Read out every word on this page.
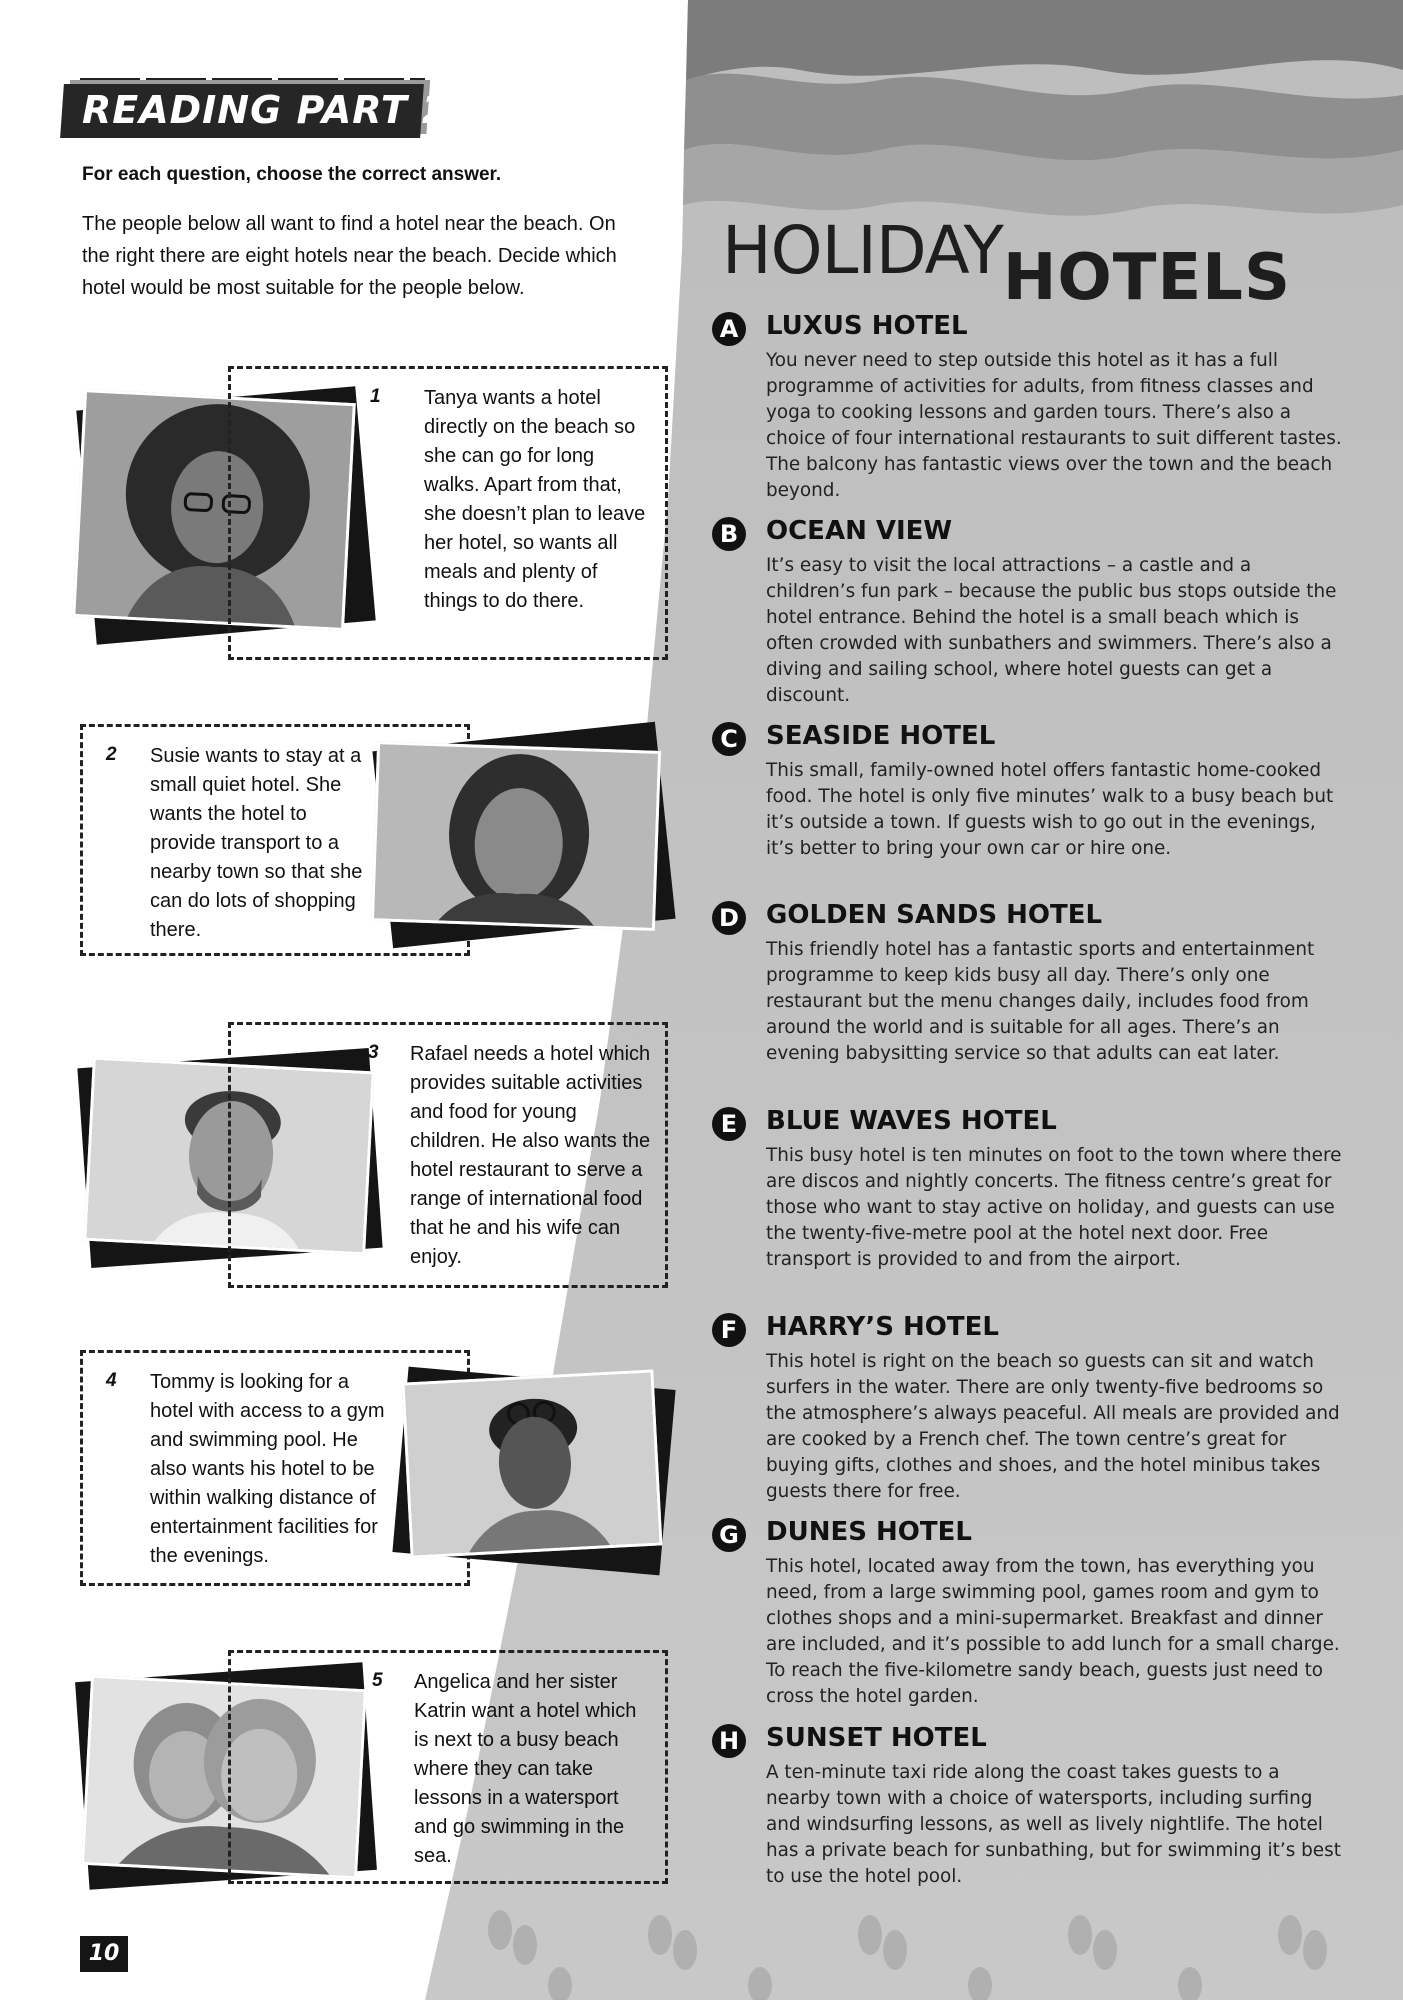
READING PART 2
For each question, choose the correct answer.
The people below all want to find a hotel near the beach. On the right there are eight hotels near the beach. Decide which hotel would be most suitable for the people below.
1 Tanya wants a hotel directly on the beach so she can go for long walks. Apart from that, she doesn’t plan to leave her hotel, so wants all meals and plenty of things to do there.
2 Susie wants to stay at a small quiet hotel. She wants the hotel to provide transport to a nearby town so that she can do lots of shopping there.
3 Rafael needs a hotel which provides suitable activities and food for young children. He also wants the hotel restaurant to serve a range of international food that he and his wife can enjoy.
4 Tommy is looking for a hotel with access to a gym and swimming pool. He also wants his hotel to be within walking distance of entertainment facilities for the evenings.
5 Angelica and her sister Katrin want a hotel which is next to a busy beach where they can take lessons in a watersport and go swimming in the sea.
HOLIDAYHOTELS
A LUXUS HOTEL
You never need to step outside this hotel as it has a full programme of activities for adults, from fitness classes and yoga to cooking lessons and garden tours. There’s also a choice of four international restaurants to suit different tastes. The balcony has fantastic views over the town and the beach beyond.
B	OCEAN VIEW
It’s easy to visit the local attractions – a castle and a children’s fun park – because the public bus stops outside the hotel entrance. Behind the hotel is a small beach which is often crowded with sunbathers and swimmers. There’s also a diving and sailing school, where hotel guests can get a discount.
C	SEASIDE HOTEL
This small, family-owned hotel offers fantastic home-cooked food. The hotel is only five minutes’ walk to a busy beach but it’s outside a town. If guests wish to go out in the evenings, it’s better to bring your own car or hire one.
D GOLDEN SANDS HOTEL
This friendly hotel has a fantastic sports and entertainment programme to keep kids busy all day. There’s only one restaurant but the menu changes daily, includes food from around the world and is suitable for all ages. There’s an evening babysitting service so that adults can eat later.
E	BLUE WAVES HOTEL
This busy hotel is ten minutes on foot to the town where there are discos and nightly concerts. The fitness centre’s great for those who want to stay active on holiday, and guests can use the twenty-five-metre pool at the hotel next door. Free transport is provided to and from the airport.
F	HARRY’S HOTEL
This hotel is right on the beach so guests can sit and watch surfers in the water. There are only twenty-five bedrooms so the atmosphere’s always peaceful. All meals are provided and are cooked by a French chef. The town centre’s great for buying gifts, clothes and shoes, and the hotel minibus takes guests there for free.
G DUNES HOTEL
This hotel, located away from the town, has everything you need, from a large swimming pool, games room and gym to clothes shops and a mini-supermarket. Breakfast and dinner are included, and it’s possible to add lunch for a small charge. To reach the five-kilometre sandy beach, guests just need to cross the hotel garden.
H SUNSET HOTEL
A ten-minute taxi ride along the coast takes guests to a nearby town with a choice of watersports, including surfing and windsurfing lessons, as well as lively nightlife. The hotel has a private beach for sunbathing, but for swimming it’s best to use the hotel pool.
10
